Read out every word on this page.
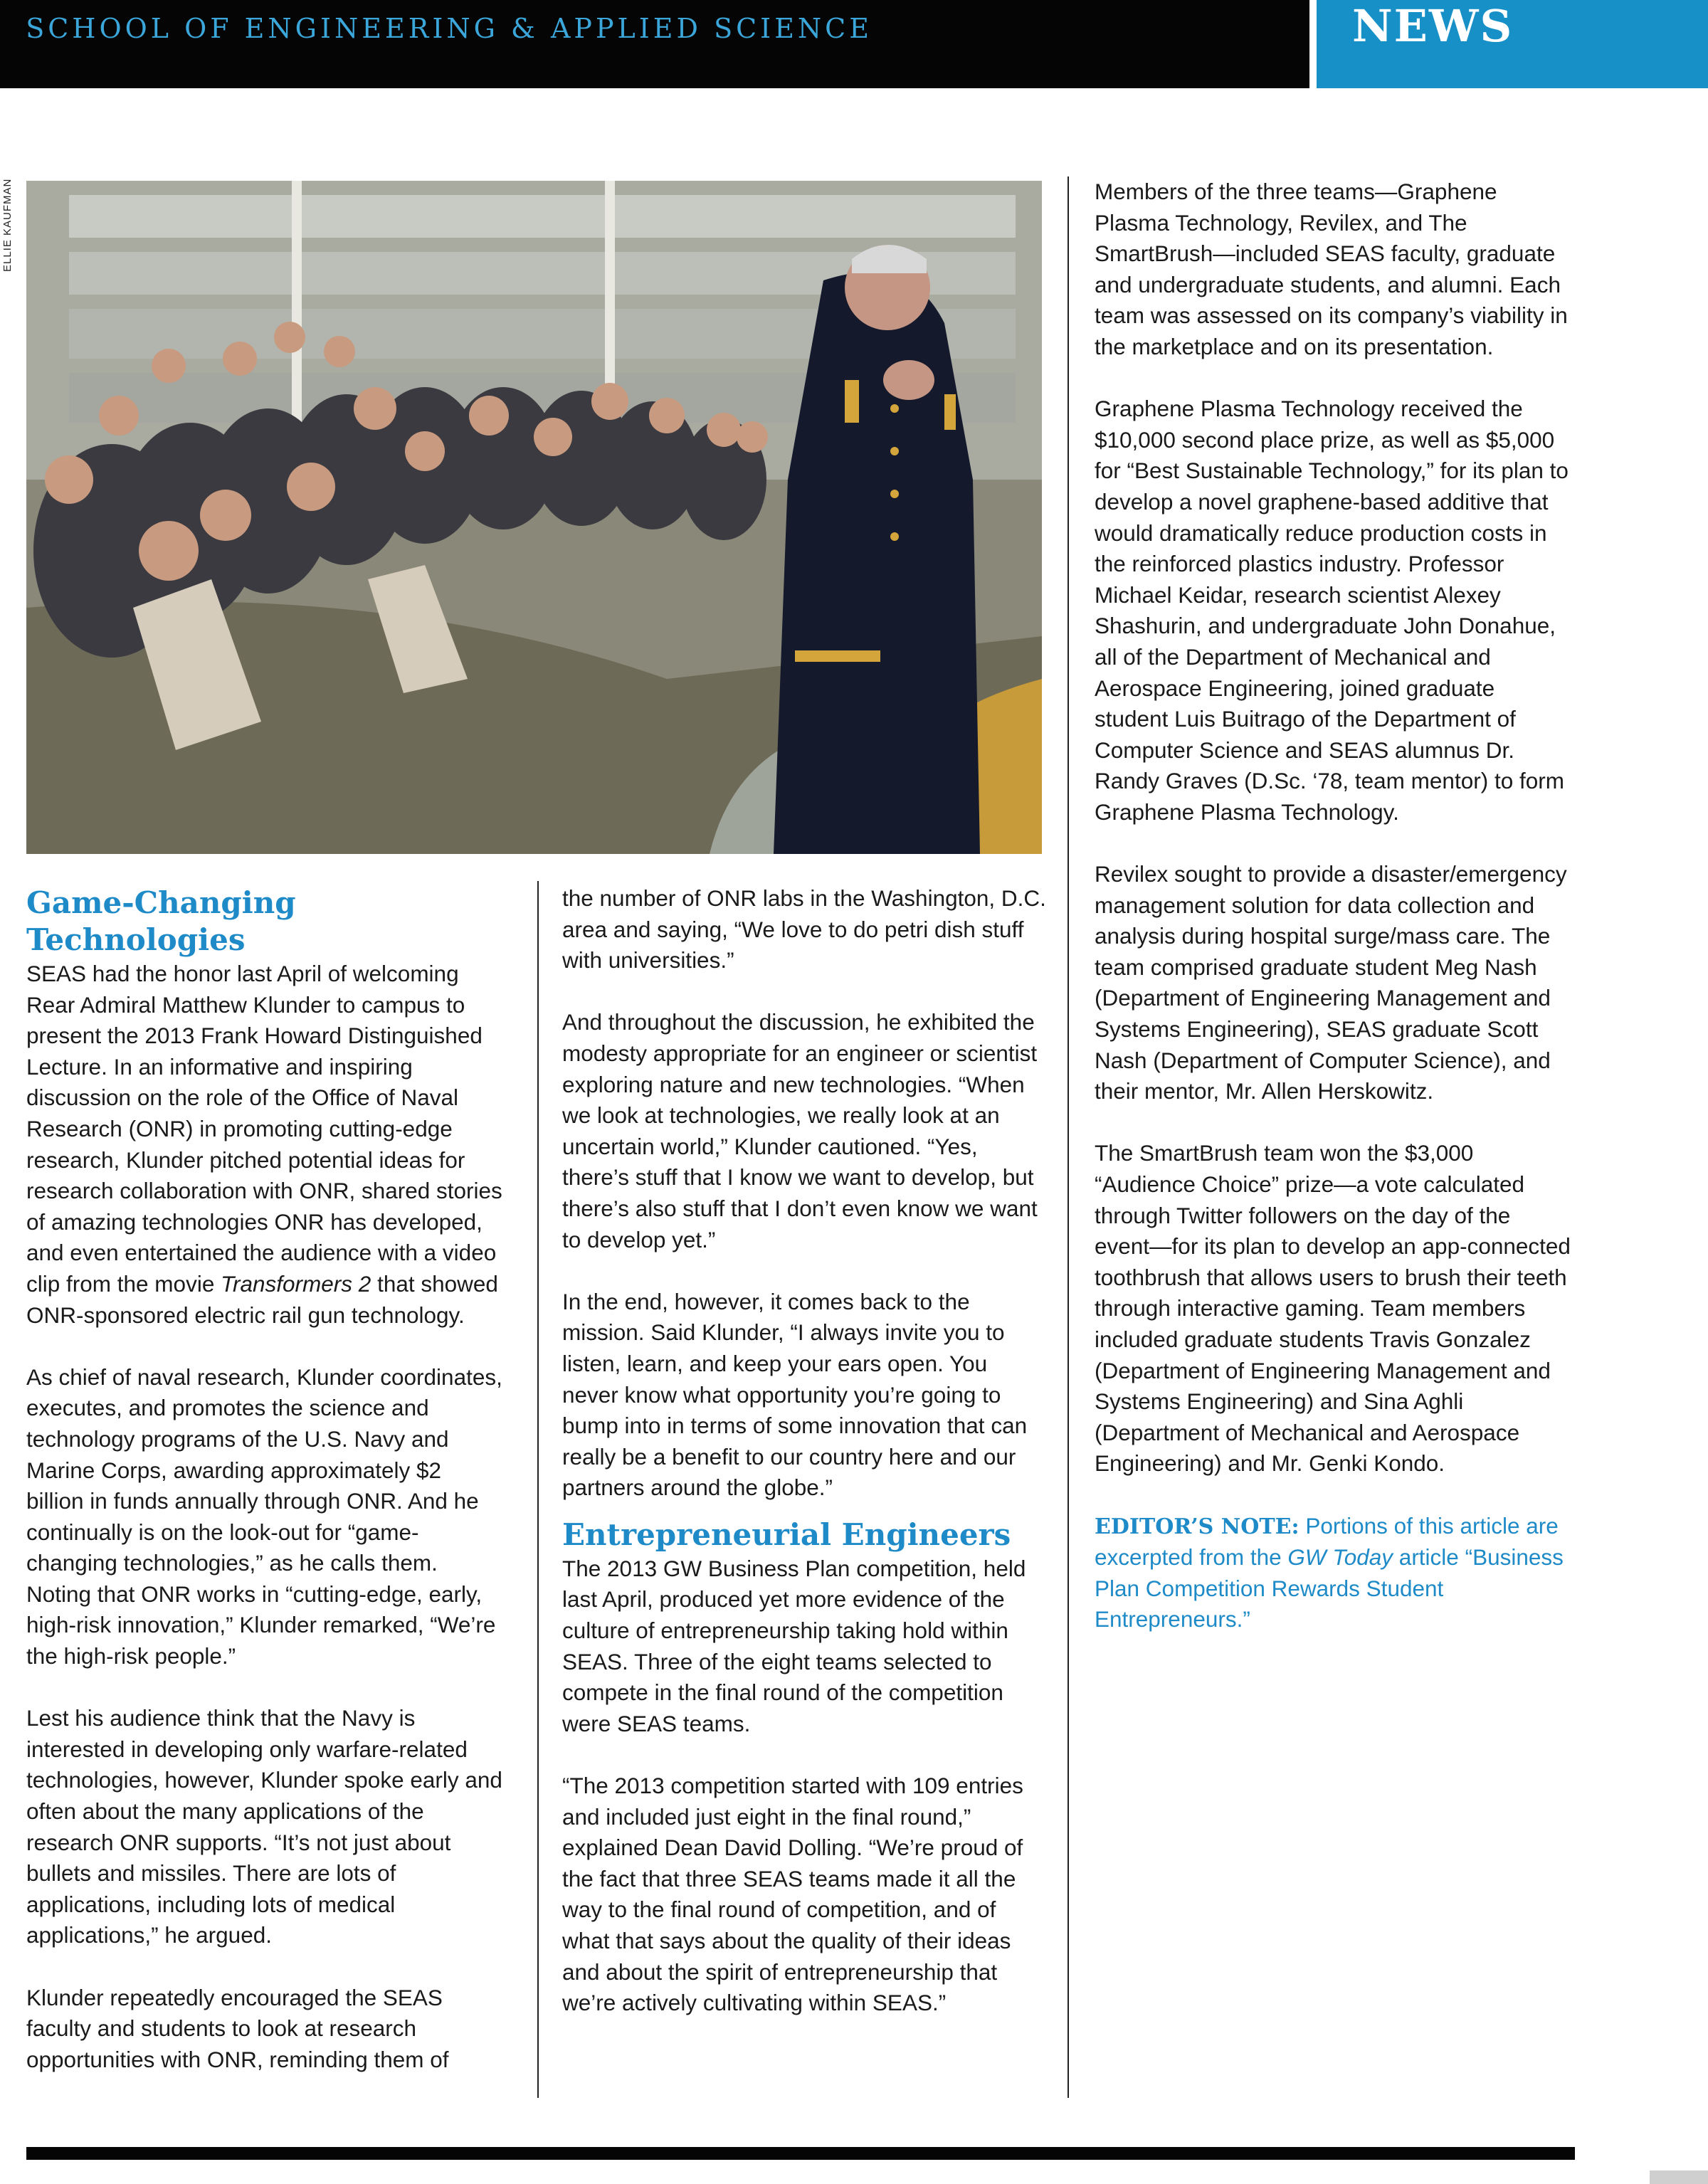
SCHOOL OF ENGINEERING & APPLIED SCIENCE	NEWS
ELLIE KAUFMAN
Game-Changing Technologies

SEAS had the honor last April of welcoming Rear Admiral Matthew Klunder to campus to present the 2013 Frank Howard Distinguished Lecture. In an informative and inspiring discussion on the role of the Office of Naval Research (ONR) in promoting cutting-edge research, Klunder pitched potential ideas for research collaboration with ONR, shared stories of amazing technologies ONR has developed, and even entertained the audience with a video clip from the movie Transformers 2 that showed ONR-sponsored electric rail gun technology.

As chief of naval research, Klunder coordinates, executes, and promotes the science and technology programs of the U.S. Navy and Marine Corps, awarding approximately $2 billion in funds annually through ONR. And he continually is on the look-out for “game-changing technologies,” as he calls them. Noting that ONR works in “cutting-edge, early, high-risk innovation,” Klunder remarked, “We’re the high-risk people.”

Lest his audience think that the Navy is interested in developing only warfare-related technologies, however, Klunder spoke early and often about the many applications of the research ONR supports. “It’s not just about bullets and missiles. There are lots of applications, including lots of medical applications,” he argued.

Klunder repeatedly encouraged the SEAS faculty and students to look at research opportunities with ONR, reminding them of

the number of ONR labs in the Washington, D.C. area and saying, “We love to do petri dish stuff with universities.”

And throughout the discussion, he exhibited the modesty appropriate for an engineer or scientist exploring nature and new technologies. “When we look at technologies, we really look at an uncertain world,” Klunder cautioned. “Yes, there’s stuff that I know we want to develop, but there’s also stuff that I don’t even know we want to develop yet.”

In the end, however, it comes back to the mission. Said Klunder, “I always invite you to listen, learn, and keep your ears open. You never know what opportunity you’re going to bump into in terms of some innovation that can really be a benefit to our country here and our partners around the globe.”

Entrepreneurial Engineers

The 2013 GW Business Plan competition, held last April, produced yet more evidence of the culture of entrepreneurship taking hold within SEAS. Three of the eight teams selected to compete in the final round of the competition were SEAS teams.

“The 2013 competition started with 109 entries and included just eight in the final round,” explained Dean David Dolling. “We’re proud of the fact that three SEAS teams made it all the way to the final round of competition, and of what that says about the quality of their ideas and about the spirit of entrepreneurship that we’re actively cultivating within SEAS.”

Members of the three teams—Graphene Plasma Technology, Revilex, and The SmartBrush—included SEAS faculty, graduate and undergraduate students, and alumni. Each team was assessed on its company’s viability in the marketplace and on its presentation.

Graphene Plasma Technology received the $10,000 second place prize, as well as $5,000 for “Best Sustainable Technology,” for its plan to develop a novel graphene-based additive that would dramatically reduce production costs in the reinforced plastics industry. Professor Michael Keidar, research scientist Alexey Shashurin, and undergraduate John Donahue, all of the Department of Mechanical and Aerospace Engineering, joined graduate student Luis Buitrago of the Department of Computer Science and SEAS alumnus Dr. Randy Graves (D.Sc. ‘78, team mentor) to form Graphene Plasma Technology.

Revilex sought to provide a disaster/emergency management solution for data collection and analysis during hospital surge/mass care. The team comprised graduate student Meg Nash (Department of Engineering Management and Systems Engineering), SEAS graduate Scott Nash (Department of Computer Science), and their mentor, Mr. Allen Herskowitz.

The SmartBrush team won the $3,000 “Audience Choice” prize—a vote calculated through Twitter followers on the day of the event—for its plan to develop an app-connected toothbrush that allows users to brush their teeth through interactive gaming. Team members included graduate students Travis Gonzalez (Department of Engineering Management and Systems Engineering) and Sina Aghli (Department of Mechanical and Aerospace Engineering) and Mr. Genki Kondo.

EDITOR’S NOTE: Portions of this article are excerpted from the GW Today article “Business Plan Competition Rewards Student Entrepreneurs.”
